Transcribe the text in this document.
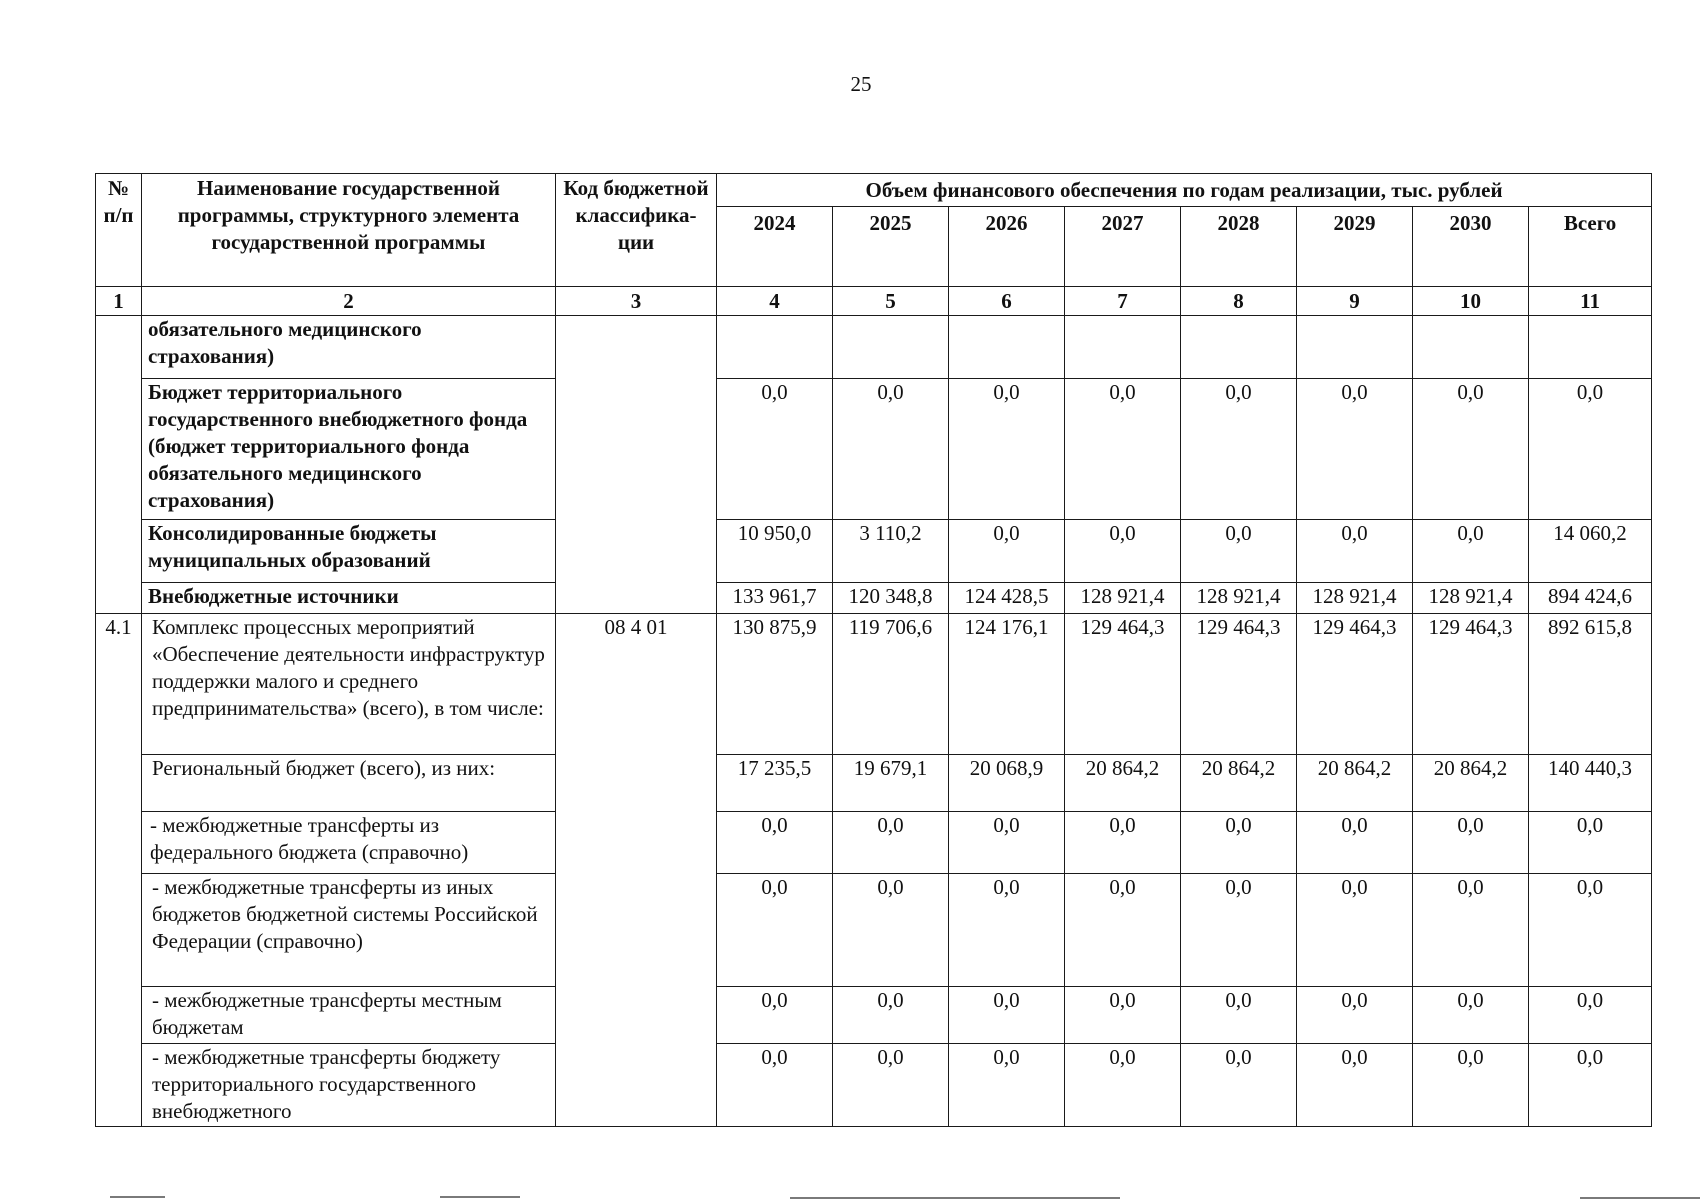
25
№ п/п	Наименование государственной программы, структурного элемента государственной программы	Код бюджетной классифика- ции	Объем финансового обеспечения по годам реализации, тыс. рублей							
			2024	2025	2026	2027	2028	2029	2030	Всего
1	2	3	4	5	6	7	8	9	10	11
	обязательного медицинского страхования)									
	Бюджет территориального государственного внебюджетного фонда (бюджет территориального фонда обязательного медицинского страхования)		0,0	0,0	0,0	0,0	0,0	0,0	0,0	0,0
	Консолидированные бюджеты муниципальных образований		10 950,0	3 110,2	0,0	0,0	0,0	0,0	0,0	14 060,2
	Внебюджетные источники		133 961,7	120 348,8	124 428,5	128 921,4	128 921,4	128 921,4	128 921,4	894 424,6
4.1	Комплекс процессных мероприятий «Обеспечение деятельности инфраструктур поддержки малого и среднего предпринимательства» (всего), в том числе:	08 4 01	130 875,9	119 706,6	124 176,1	129 464,3	129 464,3	129 464,3	129 464,3	892 615,8
	Региональный бюджет (всего), из них:		17 235,5	19 679,1	20 068,9	20 864,2	20 864,2	20 864,2	20 864,2	140 440,3
	- межбюджетные трансферты из федерального бюджета (справочно)		0,0	0,0	0,0	0,0	0,0	0,0	0,0	0,0
	- межбюджетные трансферты из иных бюджетов бюджетной системы Российской Федерации (справочно)		0,0	0,0	0,0	0,0	0,0	0,0	0,0	0,0
	- межбюджетные трансферты местным бюджетам		0,0	0,0	0,0	0,0	0,0	0,0	0,0	0,0
	- межбюджетные трансферты бюджету территориального государственного внебюджетного		0,0	0,0	0,0	0,0	0,0	0,0	0,0	0,0
